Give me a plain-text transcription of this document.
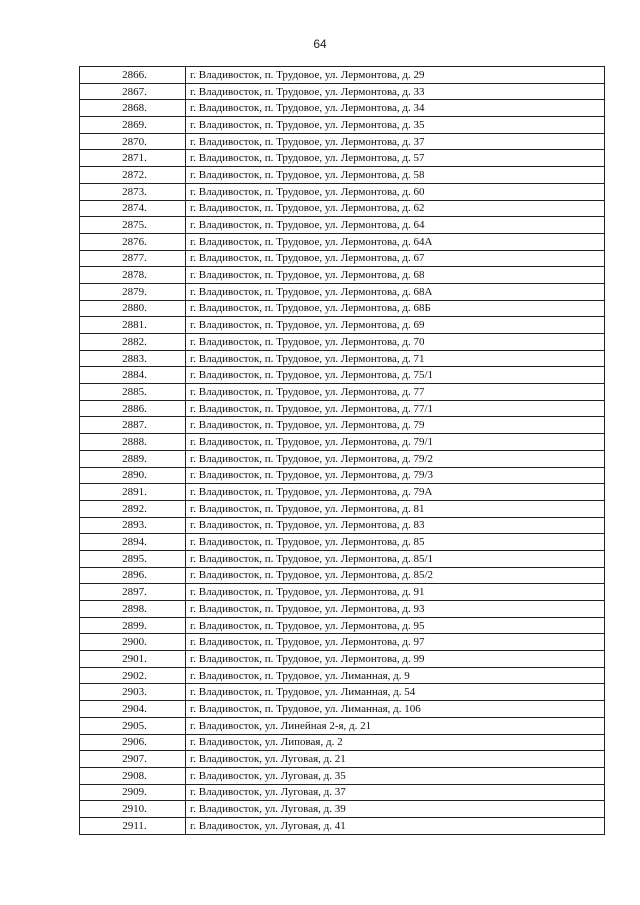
64
2866.	г. Владивосток, п. Трудовое, ул. Лермонтова, д. 29
2867.	г. Владивосток, п. Трудовое, ул. Лермонтова, д. 33
2868.	г. Владивосток, п. Трудовое, ул. Лермонтова, д. 34
2869.	г. Владивосток, п. Трудовое, ул. Лермонтова, д. 35
2870.	г. Владивосток, п. Трудовое, ул. Лермонтова, д. 37
2871.	г. Владивосток, п. Трудовое, ул. Лермонтова, д. 57
2872.	г. Владивосток, п. Трудовое, ул. Лермонтова, д. 58
2873.	г. Владивосток, п. Трудовое, ул. Лермонтова, д. 60
2874.	г. Владивосток, п. Трудовое, ул. Лермонтова, д. 62
2875.	г. Владивосток, п. Трудовое, ул. Лермонтова, д. 64
2876.	г. Владивосток, п. Трудовое, ул. Лермонтова, д. 64А
2877.	г. Владивосток, п. Трудовое, ул. Лермонтова, д. 67
2878.	г. Владивосток, п. Трудовое, ул. Лермонтова, д. 68
2879.	г. Владивосток, п. Трудовое, ул. Лермонтова, д. 68А
2880.	г. Владивосток, п. Трудовое, ул. Лермонтова, д. 68Б
2881.	г. Владивосток, п. Трудовое, ул. Лермонтова, д. 69
2882.	г. Владивосток, п. Трудовое, ул. Лермонтова, д. 70
2883.	г. Владивосток, п. Трудовое, ул. Лермонтова, д. 71
2884.	г. Владивосток, п. Трудовое, ул. Лермонтова, д. 75/1
2885.	г. Владивосток, п. Трудовое, ул. Лермонтова, д. 77
2886.	г. Владивосток, п. Трудовое, ул. Лермонтова, д. 77/1
2887.	г. Владивосток, п. Трудовое, ул. Лермонтова, д. 79
2888.	г. Владивосток, п. Трудовое, ул. Лермонтова, д. 79/1
2889.	г. Владивосток, п. Трудовое, ул. Лермонтова, д. 79/2
2890.	г. Владивосток, п. Трудовое, ул. Лермонтова, д. 79/3
2891.	г. Владивосток, п. Трудовое, ул. Лермонтова, д. 79А
2892.	г. Владивосток, п. Трудовое, ул. Лермонтова, д. 81
2893.	г. Владивосток, п. Трудовое, ул. Лермонтова, д. 83
2894.	г. Владивосток, п. Трудовое, ул. Лермонтова, д. 85
2895.	г. Владивосток, п. Трудовое, ул. Лермонтова, д. 85/1
2896.	г. Владивосток, п. Трудовое, ул. Лермонтова, д. 85/2
2897.	г. Владивосток, п. Трудовое, ул. Лермонтова, д. 91
2898.	г. Владивосток, п. Трудовое, ул. Лермонтова, д. 93
2899.	г. Владивосток, п. Трудовое, ул. Лермонтова, д. 95
2900.	г. Владивосток, п. Трудовое, ул. Лермонтова, д. 97
2901.	г. Владивосток, п. Трудовое, ул. Лермонтова, д. 99
2902.	г. Владивосток, п. Трудовое, ул. Лиманная, д. 9
2903.	г. Владивосток, п. Трудовое, ул. Лиманная, д. 54
2904.	г. Владивосток, п. Трудовое, ул. Лиманная, д. 106
2905.	г. Владивосток, ул. Линейная 2-я, д. 21
2906.	г. Владивосток, ул. Липовая, д. 2
2907.	г. Владивосток, ул. Луговая, д. 21
2908.	г. Владивосток, ул. Луговая, д. 35
2909.	г. Владивосток, ул. Луговая, д. 37
2910.	г. Владивосток, ул. Луговая, д. 39
2911.	г. Владивосток, ул. Луговая, д. 41
